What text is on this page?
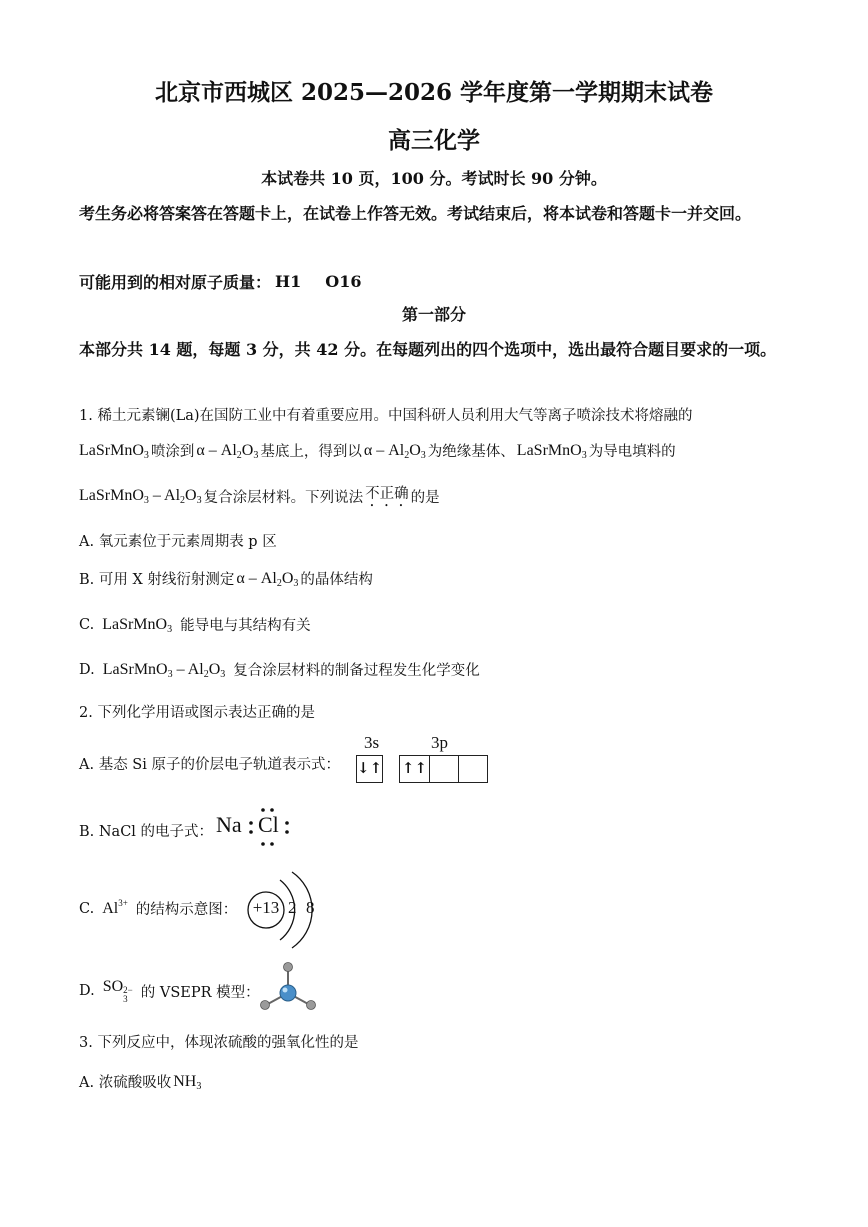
北京市西城区 2025—2026 学年度第一学期期末试卷
高三化学
本试卷共 10 页，100 分。考试时长 90 分钟。
考生务必将答案答在答题卡上，在试卷上作答无效。考试结束后，将本试卷和答题卡一并交回。
可能用到的相对原子质量： H1 O16
第一部分
本部分共 14 题，每题 3 分，共 42 分。在每题列出的四个选项中，选出最符合题目要求的一项。
1. 稀土元素镧(La)在国防工业中有着重要应用。中国科研人员利用大气等离子喷涂技术将熔融的
LaSrMnO$_3$ 喷涂到 α – $Al_2O_3$ 基底上，得到以 α – $Al_2O_3$ 为绝缘基体、 LaSrMnO$_3$ 为导电填料的
LaSrMnO$_3$ – $Al_2O_3$ 复合涂层材料。下列说法 不正确 的是
A. 氧元素位于元素周期表 p 区
B. 可用 X 射线衍射测定 α – $Al_2O_3$ 的晶体结构
C. LaSrMnO$_3$ 能导电与其结构有关
D. LaSrMnO$_3$ – $Al_2O_3$ 复合涂层材料的制备过程发生化学变化
2. 下列化学用语或图示表达正确的是
A. 基态 Si 原子的价层电子轨道表示式：
3s	3p
↓↑ ↑↑
B. NaCl 的电子式： Na Cl
C. $Al^{3+}$ 的结构示意图： +13 2 8
D. SO 2−
3 的 VSEPR 模型：
3. 下列反应中，体现浓硫酸的强氧化性的是
A. 浓硫酸吸收 $NH_3$
